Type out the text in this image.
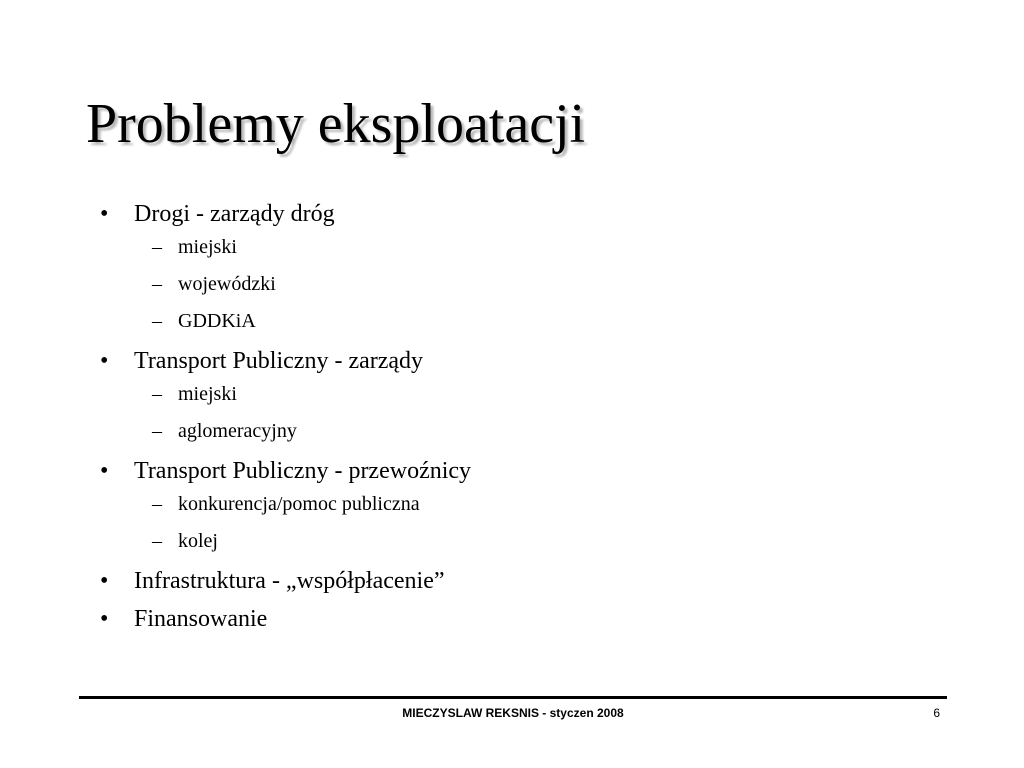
Problemy eksploatacji
• Drogi - zarządy dróg
– miejski
– wojewódzki
– GDDKiA
• Transport Publiczny - zarządy
– miejski
– aglomeracyjny
• Transport Publiczny - przewoźnicy
– konkurencja/pomoc publiczna
– kolej
• Infrastruktura - „współpłacenie”
• Finansowanie
MIECZYSLAW REKSNIS - styczen 2008	6
